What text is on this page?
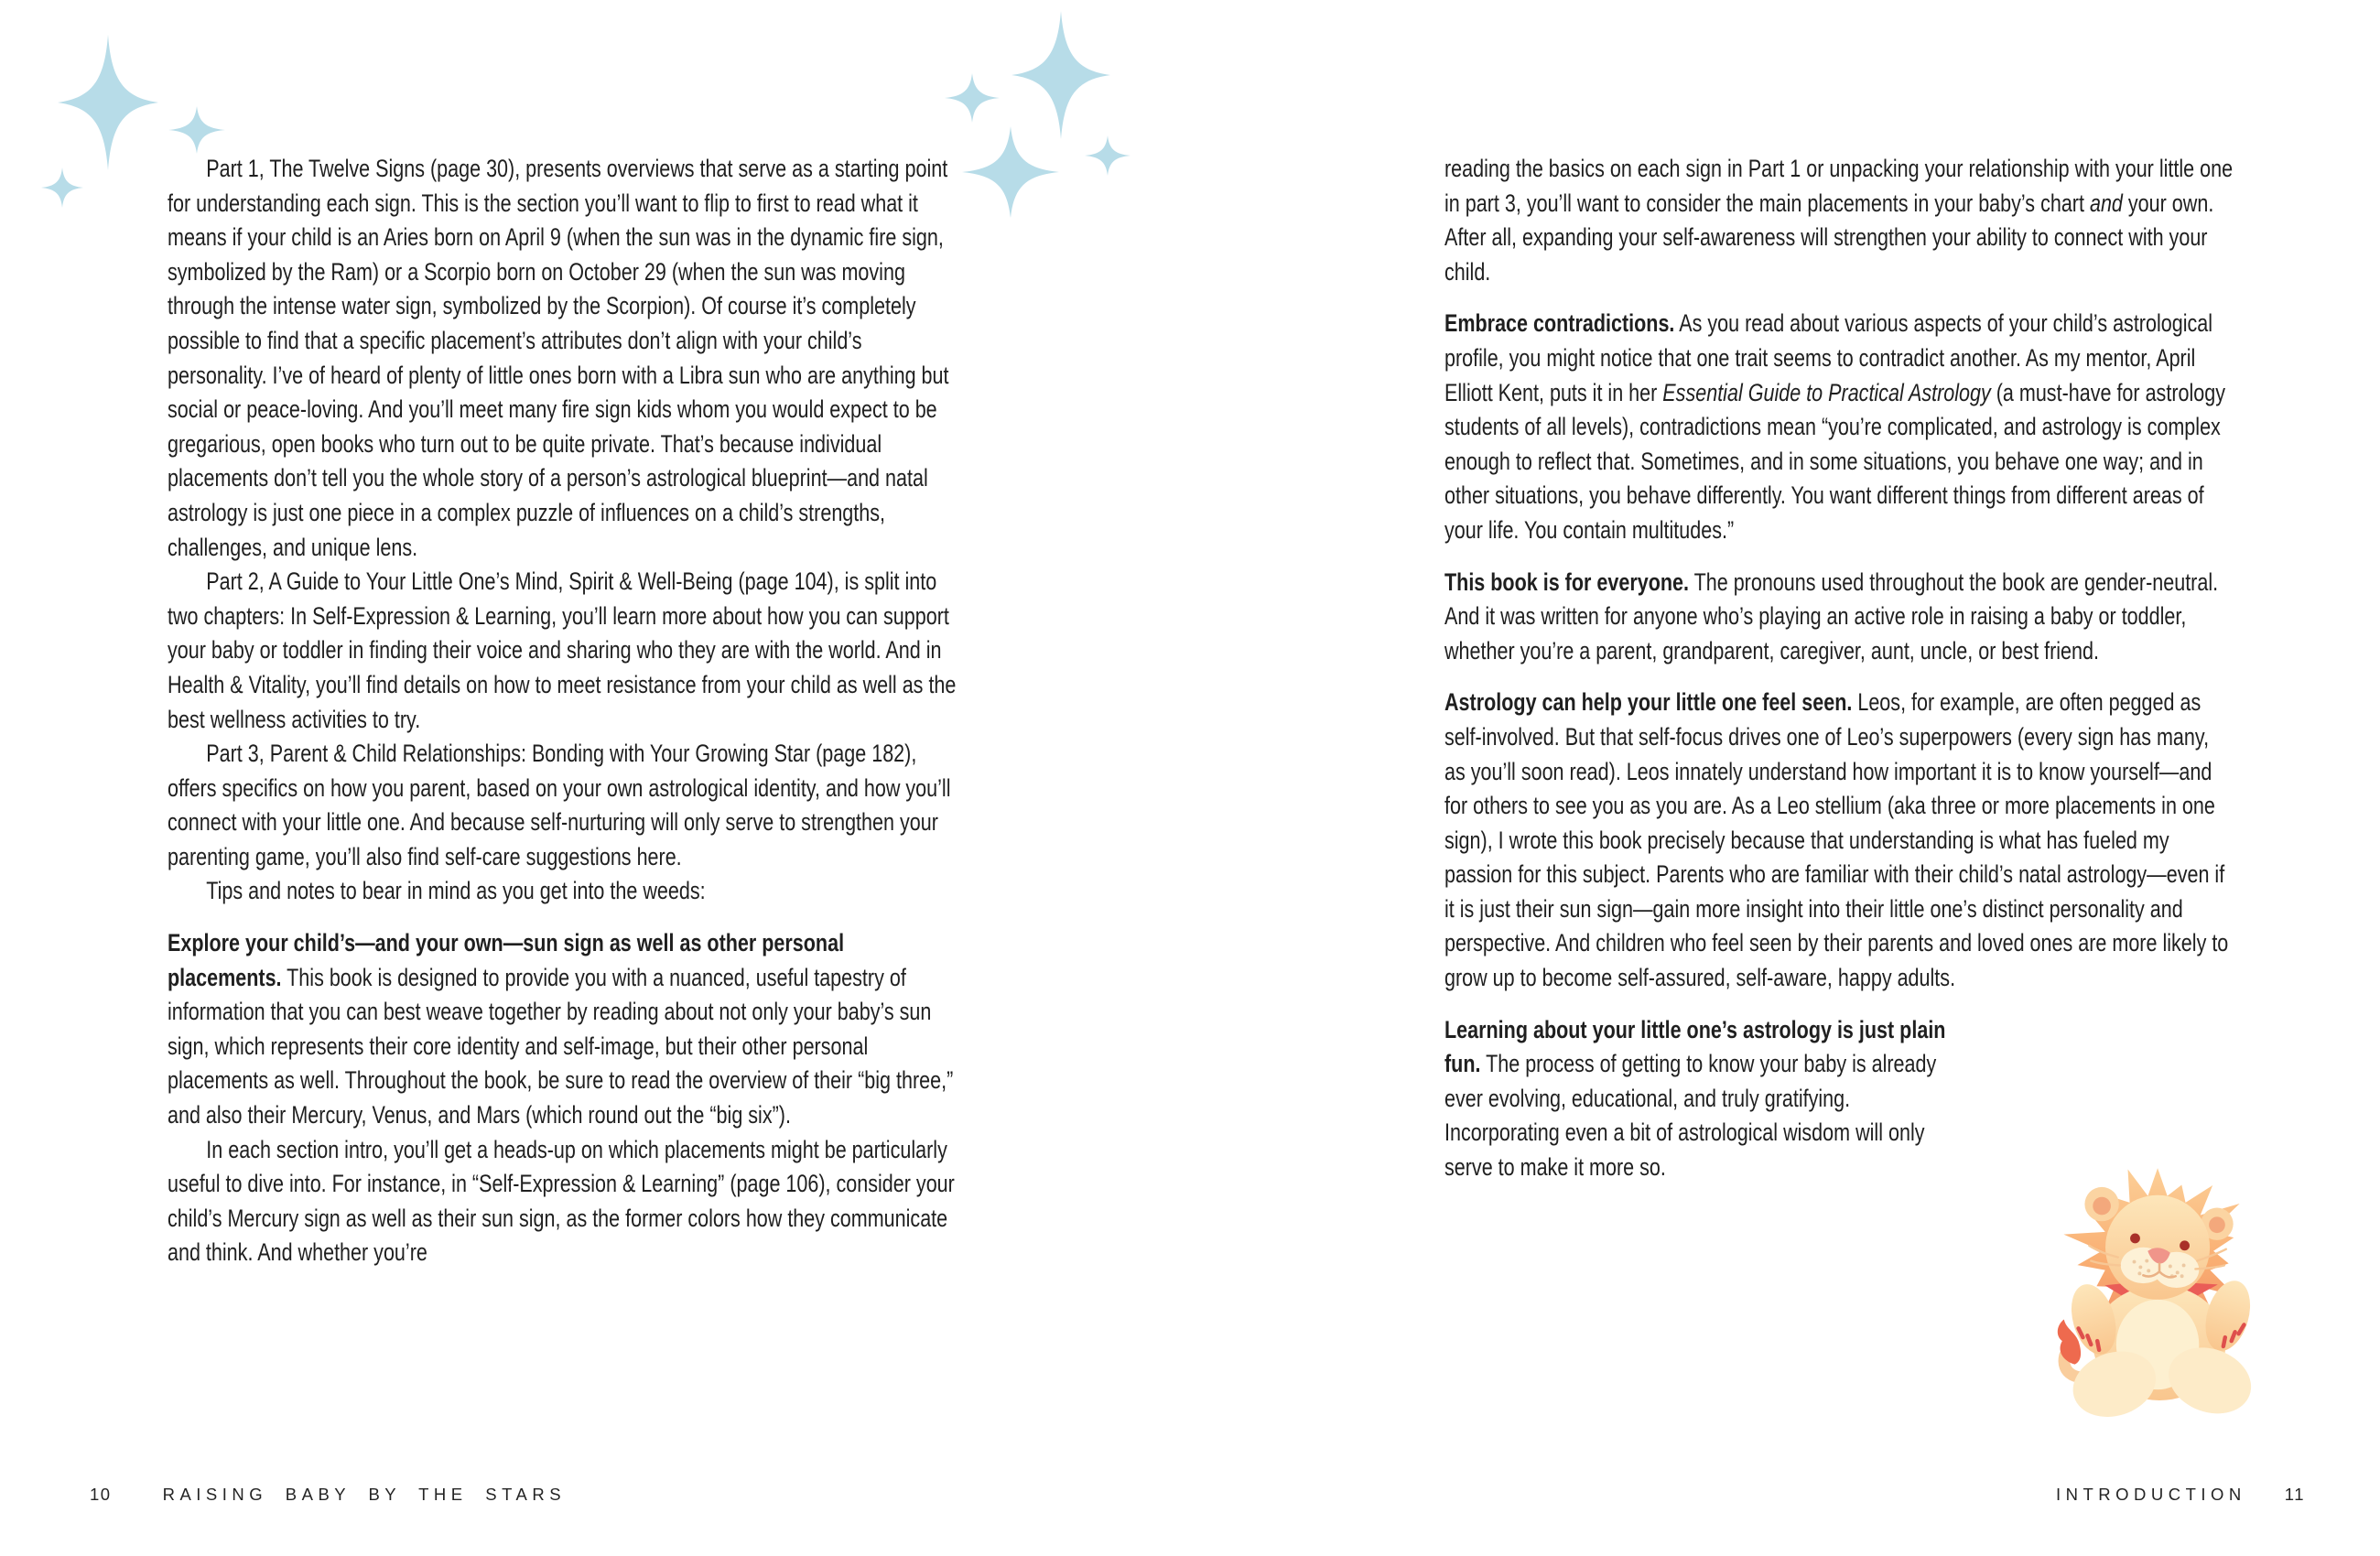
Part 1, The Twelve Signs (page 30), presents overviews that serve as a starting point for understanding each sign. This is the section you’ll want to flip to first to read what it means if your child is an Aries born on April 9 (when the sun was in the dynamic fire sign, symbolized by the Ram) or a Scorpio born on October 29 (when the sun was moving through the intense water sign, symbolized by the Scorpion). Of course it’s completely possible to find that a specific placement’s attributes don’t align with your child’s personality. I’ve of heard of plenty of little ones born with a Libra sun who are anything but social or peace-loving. And you’ll meet many fire sign kids whom you would expect to be gregarious, open books who turn out to be quite private. That’s because individual placements don’t tell you the whole story of a person’s astrological blueprint—and natal astrology is just one piece in a complex puzzle of influences on a child’s strengths, challenges, and unique lens.

Part 2, A Guide to Your Little One’s Mind, Spirit & Well-Being (page 104), is split into two chapters: In Self-Expression & Learning, you’ll learn more about how you can support your baby or toddler in finding their voice and sharing who they are with the world. And in Health & Vitality, you’ll find details on how to meet resistance from your child as well as the best wellness activities to try.

Part 3, Parent & Child Relationships: Bonding with Your Growing Star (page 182), offers specifics on how you parent, based on your own astrological identity, and how you’ll connect with your little one. And because self-nurturing will only serve to strengthen your parenting game, you’ll also find self-care suggestions here.

Tips and notes to bear in mind as you get into the weeds:

Explore your child’s—and your own—sun sign as well as other personal placements. This book is designed to provide you with a nuanced, useful tapestry of information that you can best weave together by reading about not only your baby’s sun sign, which represents their core identity and self-image, but their other personal placements as well. Throughout the book, be sure to read the overview of their “big three,” and also their Mercury, Venus, and Mars (which round out the “big six”).

In each section intro, you’ll get a heads-up on which placements might be particularly useful to dive into. For instance, in “Self-Expression & Learning” (page 106), consider your child’s Mercury sign as well as their sun sign, as the former colors how they communicate and think. And whether you’re

reading the basics on each sign in Part 1 or unpacking your relationship with your little one in part 3, you’ll want to consider the main placements in your baby’s chart and your own. After all, expanding your self-awareness will strengthen your ability to connect with your child.

Embrace contradictions. As you read about various aspects of your child’s astrological profile, you might notice that one trait seems to contradict another. As my mentor, April Elliott Kent, puts it in her Essential Guide to Practical Astrology (a must-have for astrology students of all levels), contradictions mean “you’re complicated, and astrology is complex enough to reflect that. Sometimes, and in some situations, you behave one way; and in other situations, you behave differently. You want different things from different areas of your life. You contain multitudes.”

This book is for everyone. The pronouns used throughout the book are gender-neutral. And it was written for anyone who’s playing an active role in raising a baby or toddler, whether you’re a parent, grandparent, caregiver, aunt, uncle, or best friend.

Astrology can help your little one feel seen. Leos, for example, are often pegged as self-involved. But that self-focus drives one of Leo’s superpowers (every sign has many, as you’ll soon read). Leos innately understand how important it is to know yourself—and for others to see you as you are. As a Leo stellium (aka three or more placements in one sign), I wrote this book precisely because that understanding is what has fueled my passion for this subject. Parents who are familiar with their child’s natal astrology—even if it is just their sun sign—gain more insight into their little one’s distinct personality and perspective. And children who feel seen by their parents and loved ones are more likely to grow up to become self-assured, self-aware, happy adults.

Learning about your little one’s astrology is just plain fun. The process of getting to know your baby is already ever evolving, educational, and truly gratifying. Incorporating even a bit of astrological wisdom will only serve to make it more so.

10	RAISING BABY BY THE STARS	INTRODUCTION 11
